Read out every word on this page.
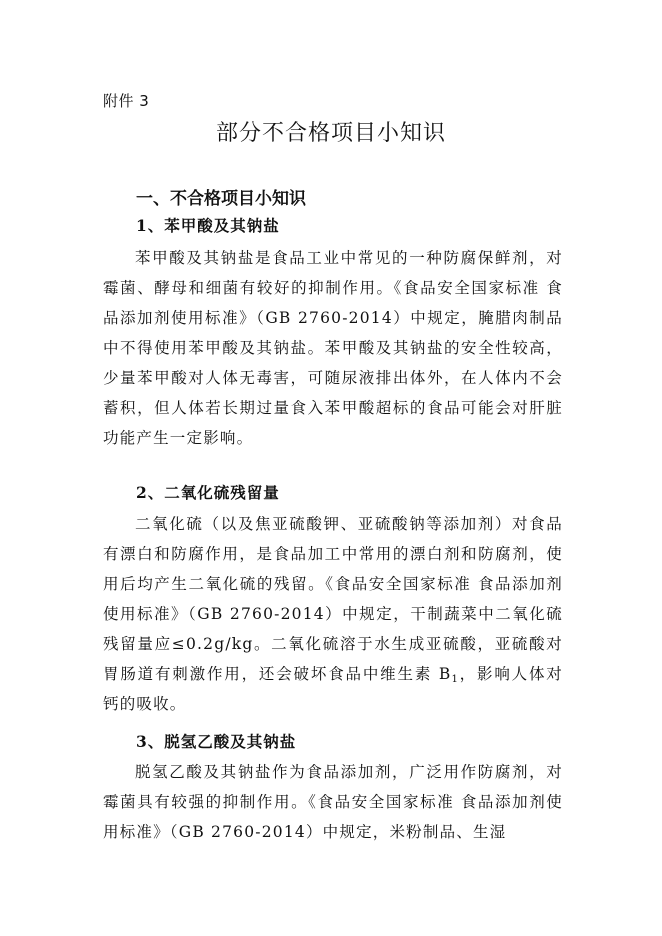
附件 3
部分不合格项目小知识
一、不合格项目小知识
1、苯甲酸及其钠盐
苯甲酸及其钠盐是食品工业中常见的一种防腐保鲜剂，对霉菌、酵母和细菌有较好的抑制作用。《食品安全国家标准 食品添加剂使用标准》（GB 2760-2014）中规定，腌腊肉制品中不得使用苯甲酸及其钠盐。苯甲酸及其钠盐的安全性较高，少量苯甲酸对人体无毒害，可随尿液排出体外，在人体内不会蓄积，但人体若长期过量食入苯甲酸超标的食品可能会对肝脏功能产生一定影响。
2、二氧化硫残留量
二氧化硫（以及焦亚硫酸钾、亚硫酸钠等添加剂）对食品有漂白和防腐作用，是食品加工中常用的漂白剂和防腐剂，使用后均产生二氧化硫的残留。《食品安全国家标准 食品添加剂使用标准》（GB 2760-2014）中规定，干制蔬菜中二氧化硫残留量应≤0.2g/kg。二氧化硫溶于水生成亚硫酸，亚硫酸对胃肠道有刺激作用，还会破坏食品中维生素 $B_1$，影响人体对钙的吸收。
3、脱氢乙酸及其钠盐
脱氢乙酸及其钠盐作为食品添加剂，广泛用作防腐剂，对霉菌具有较强的抑制作用。《食品安全国家标准 食品添加剂使用标准》（GB 2760-2014）中规定，米粉制品、生湿
